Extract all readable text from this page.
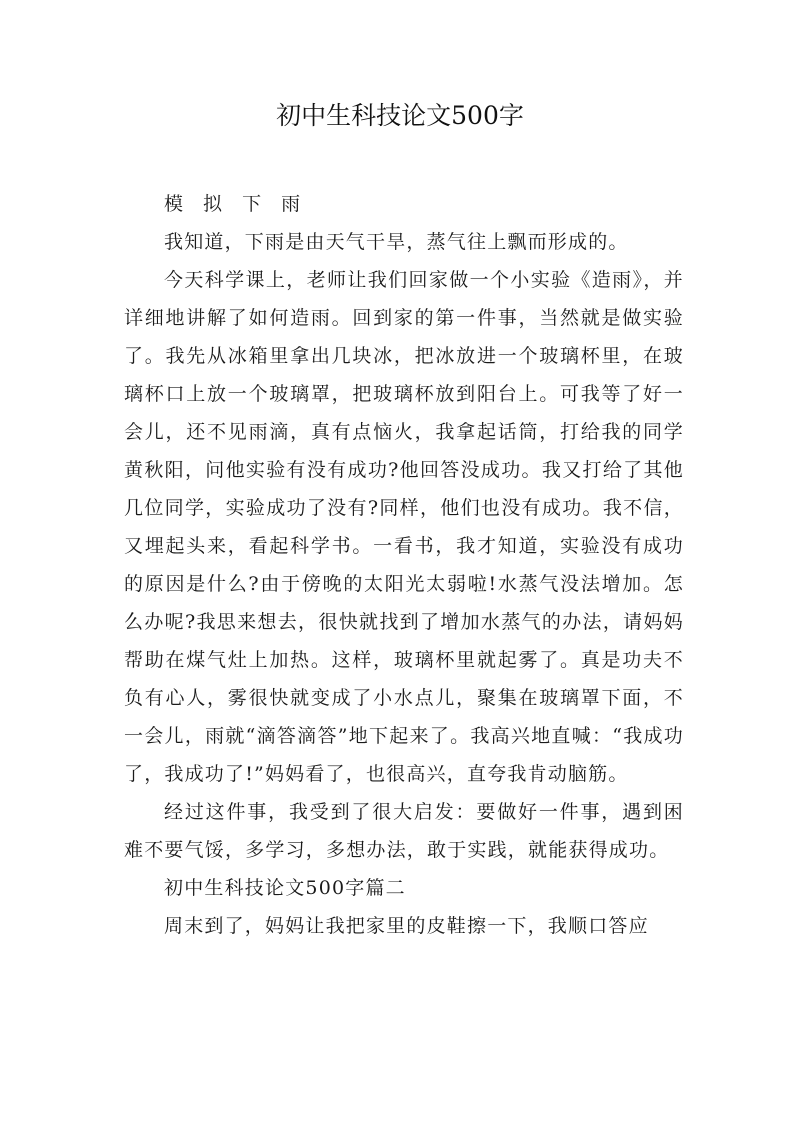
初中生科技论文500字

模 拟 下 雨

我知道，下雨是由天气干旱，蒸气往上飘而形成的。

今天科学课上，老师让我们回家做一个小实验《造雨》，并详细地讲解了如何造雨。回到家的第一件事，当然就是做实验了。我先从冰箱里拿出几块冰，把冰放进一个玻璃杯里，在玻璃杯口上放一个玻璃罩，把玻璃杯放到阳台上。可我等了好一会儿，还不见雨滴，真有点恼火，我拿起话筒，打给我的同学黄秋阳，问他实验有没有成功?他回答没成功。我又打给了其他几位同学，实验成功了没有?同样，他们也没有成功。我不信，又埋起头来，看起科学书。一看书，我才知道，实验没有成功的原因是什么?由于傍晚的太阳光太弱啦!水蒸气没法增加。怎么办呢?我思来想去，很快就找到了增加水蒸气的办法，请妈妈帮助在煤气灶上加热。这样，玻璃杯里就起雾了。真是功夫不负有心人，雾很快就变成了小水点儿，聚集在玻璃罩下面，不一会儿，雨就“滴答滴答”地下起来了。我高兴地直喊：“我成功了，我成功了!”妈妈看了，也很高兴，直夸我肯动脑筋。

经过这件事，我受到了很大启发：要做好一件事，遇到困难不要气馁，多学习，多想办法，敢于实践，就能获得成功。

初中生科技论文500字篇二

周末到了，妈妈让我把家里的皮鞋擦一下，我顺口答应
